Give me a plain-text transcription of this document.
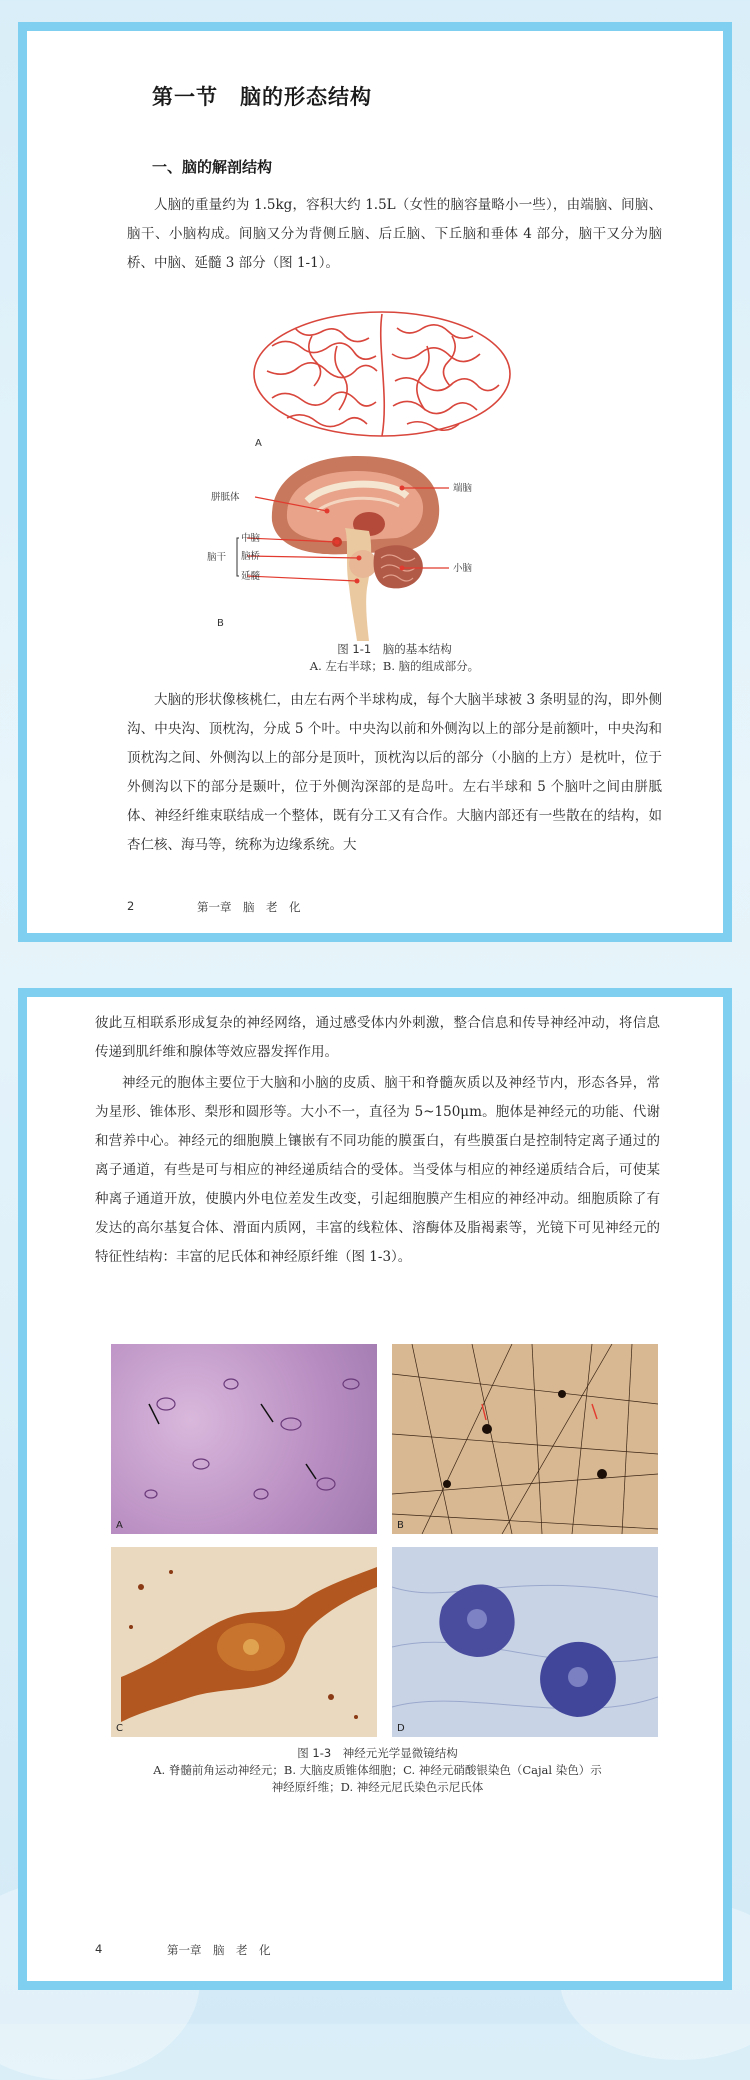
第一节　脑的形态结构
一、脑的解剖结构

人脑的重量约为 1.5kg，容积大约 1.5L（女性的脑容量略小一些），由端脑、间脑、脑干、小脑构成。间脑又分为背侧丘脑、后丘脑、下丘脑和垂体 4 部分，脑干又分为脑桥、中脑、延髓 3 部分（图 1-1）。

A
胼胝体
端脑
中脑
脑干 脑桥
小脑
延髓
B
图 1-1　脑的基本结构
A. 左右半球；B. 脑的组成部分。

大脑的形状像核桃仁，由左右两个半球构成，每个大脑半球被 3 条明显的沟，即外侧沟、中央沟、顶枕沟，分成 5 个叶。中央沟以前和外侧沟以上的部分是前额叶，中央沟和顶枕沟之间、外侧沟以上的部分是顶叶，顶枕沟以后的部分（小脑的上方）是枕叶，位于外侧沟以下的部分是颞叶，位于外侧沟深部的是岛叶。左右半球和 5 个脑叶之间由胼胝体、神经纤维束联结成一个整体，既有分工又有合作。大脑内部还有一些散在的结构，如杏仁核、海马等，统称为边缘系统。大

2	第一章　脑　老　化

彼此互相联系形成复杂的神经网络，通过感受体内外刺激，整合信息和传导神经冲动，将信息传递到肌纤维和腺体等效应器发挥作用。

神经元的胞体主要位于大脑和小脑的皮质、脑干和脊髓灰质以及神经节内，形态各异，常为星形、锥体形、梨形和圆形等。大小不一，直径为 5~150μm。胞体是神经元的功能、代谢和营养中心。神经元的细胞膜上镶嵌有不同功能的膜蛋白，有些膜蛋白是控制特定离子通过的离子通道，有些是可与相应的神经递质结合的受体。当受体与相应的神经递质结合后，可使某种离子通道开放，使膜内外电位差发生改变，引起细胞膜产生相应的神经冲动。细胞质除了有发达的高尔基复合体、滑面内质网，丰富的线粒体、溶酶体及脂褐素等，光镜下可见神经元的特征性结构：丰富的尼氏体和神经原纤维（图 1-3）。

A	B
C	D
图 1-3　神经元光学显微镜结构
A. 脊髓前角运动神经元；B. 大脑皮质锥体细胞；C. 神经元硝酸银染色（Cajal 染色）示
神经原纤维；D. 神经元尼氏染色示尼氏体
4	第一章　脑　老　化
